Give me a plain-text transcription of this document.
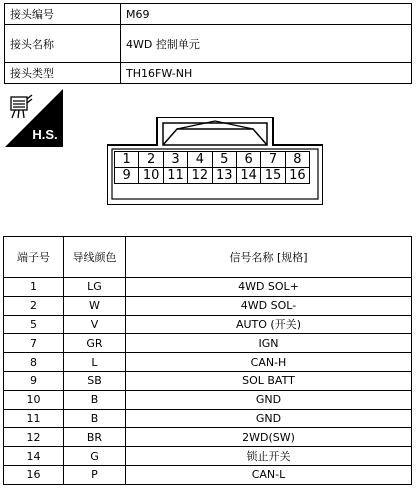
接头编号	M69
接头名称	4WD 控制单元
接头类型	TH16FW-NH
H.S.
1	2	3	4	5	6	7	8
9	10	11	12	13	14	15	16
端子号	导线颜色	信号名称 [规格]
1	LG	4WD SOL+
2	W	4WD SOL-
5	V	AUTO (开关)
7	GR	IGN
8	L	CAN-H
9	SB	SOL BATT
10	B	GND
11	B	GND
12	BR	2WD(SW)
14	G	锁止开关
16	P	CAN-L
